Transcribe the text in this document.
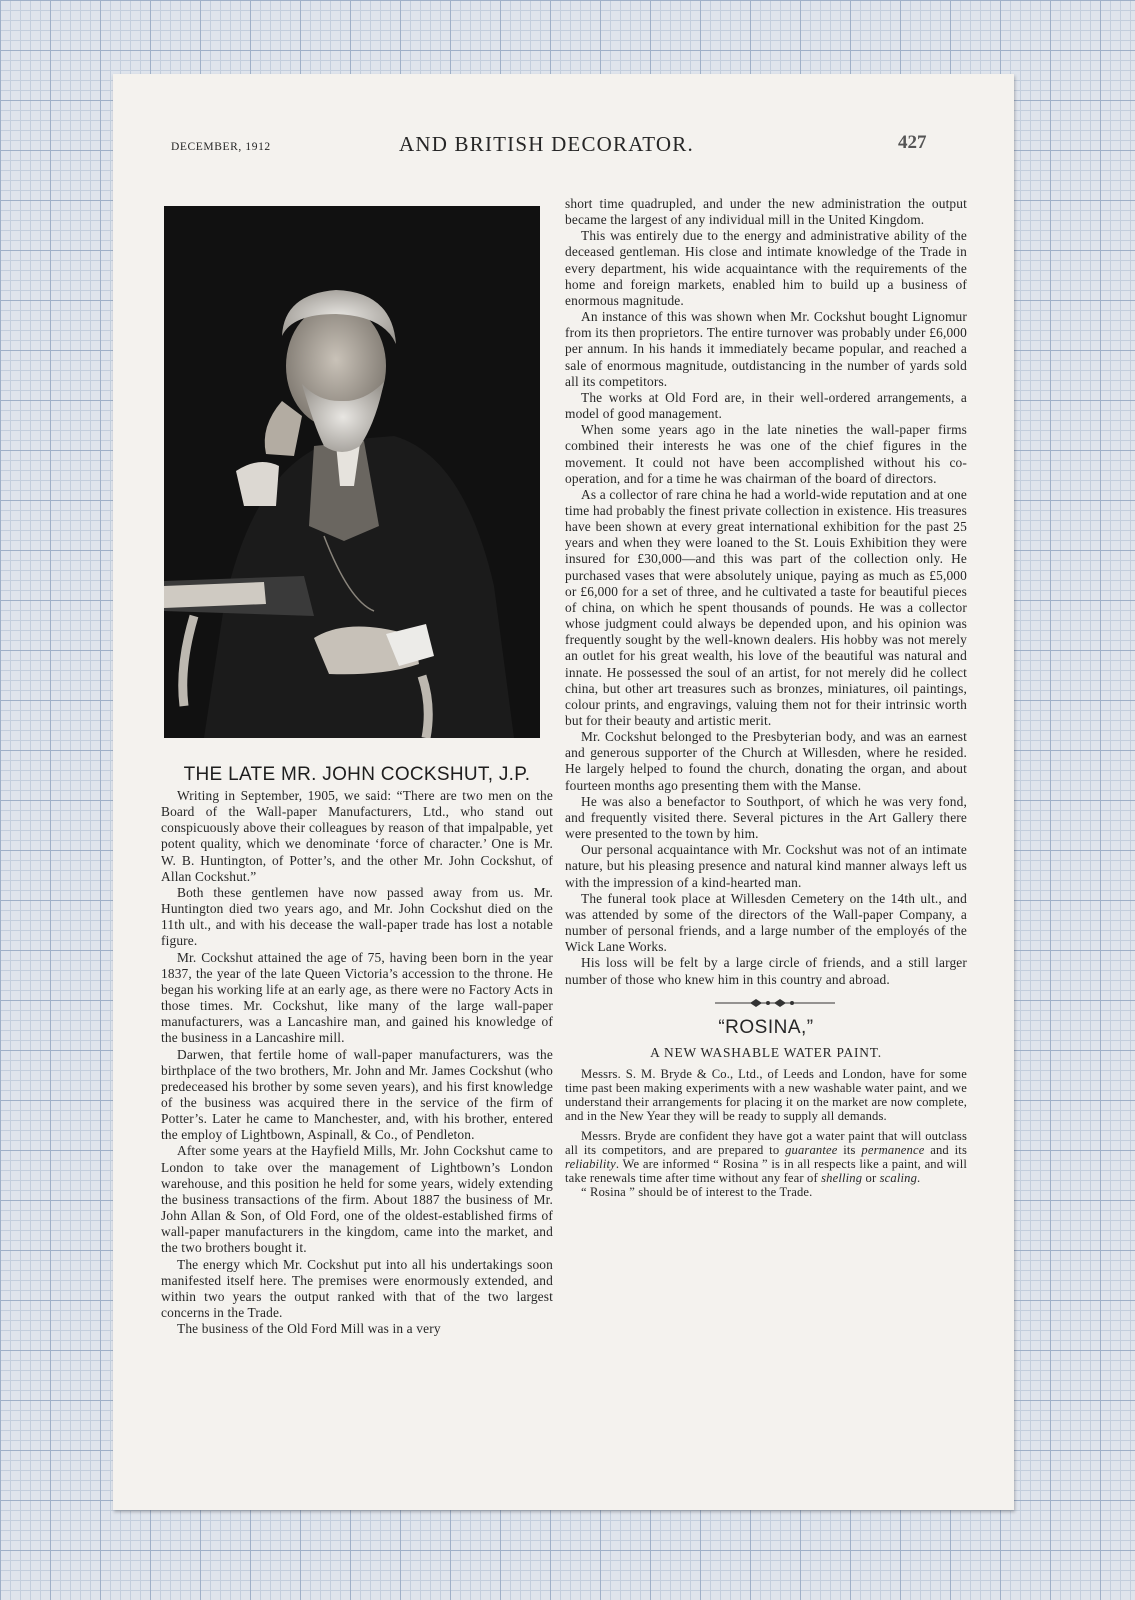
DECEMBER, 1912	AND BRITISH DECORATOR.	427
THE LATE MR. JOHN COCKSHUT, J.P.

Writing in September, 1905, we said: “There are two men on the Board of the Wall-paper Manufacturers, Ltd., who stand out conspicuously above their colleagues by reason of that impalpable, yet potent quality, which we denominate ‘force of character.’ One is Mr. W. B. Huntington, of Potter’s, and the other Mr. John Cockshut, of Allan Cockshut.”

Both these gentlemen have now passed away from us. Mr. Huntington died two years ago, and Mr. John Cockshut died on the 11th ult., and with his decease the wall-paper trade has lost a notable figure.

Mr. Cockshut attained the age of 75, having been born in the year 1837, the year of the late Queen Victoria’s accession to the throne. He began his working life at an early age, as there were no Factory Acts in those times. Mr. Cockshut, like many of the large wall-paper manufacturers, was a Lancashire man, and gained his knowledge of the business in a Lancashire mill.

Darwen, that fertile home of wall-paper manufacturers, was the birthplace of the two brothers, Mr. John and Mr. James Cockshut (who predeceased his brother by some seven years), and his first knowledge of the business was acquired there in the service of the firm of Potter’s. Later he came to Manchester, and, with his brother, entered the employ of Lightbown, Aspinall, & Co., of Pendleton.

After some years at the Hayfield Mills, Mr. John Cockshut came to London to take over the management of Lightbown’s London warehouse, and this position he held for some years, widely extending the business transactions of the firm. About 1887 the business of Mr. John Allan & Son, of Old Ford, one of the oldest-established firms of wall-paper manufacturers in the kingdom, came into the market, and the two brothers bought it.

The energy which Mr. Cockshut put into all his undertakings soon manifested itself here. The premises were enormously extended, and within two years the output ranked with that of the two largest concerns in the Trade.

The business of the Old Ford Mill was in a very

short time quadrupled, and under the new administration the output became the largest of any individual mill in the United Kingdom.

This was entirely due to the energy and administrative ability of the deceased gentleman. His close and intimate knowledge of the Trade in every department, his wide acquaintance with the requirements of the home and foreign markets, enabled him to build up a business of enormous magnitude.

An instance of this was shown when Mr. Cockshut bought Lignomur from its then proprietors. The entire turnover was probably under £6,000 per annum. In his hands it immediately became popular, and reached a sale of enormous magnitude, outdistancing in the number of yards sold all its competitors.

The works at Old Ford are, in their well-ordered arrangements, a model of good management.

When some years ago in the late nineties the wall-paper firms combined their interests he was one of the chief figures in the movement. It could not have been accomplished without his co-operation, and for a time he was chairman of the board of directors.

As a collector of rare china he had a world-wide reputation and at one time had probably the finest private collection in existence. His treasures have been shown at every great international exhibition for the past 25 years and when they were loaned to the St. Louis Exhibition they were insured for £30,000—and this was part of the collection only. He purchased vases that were absolutely unique, paying as much as £5,000 or £6,000 for a set of three, and he cultivated a taste for beautiful pieces of china, on which he spent thousands of pounds. He was a collector whose judgment could always be depended upon, and his opinion was frequently sought by the well-known dealers. His hobby was not merely an outlet for his great wealth, his love of the beautiful was natural and innate. He possessed the soul of an artist, for not merely did he collect china, but other art treasures such as bronzes, miniatures, oil paintings, colour prints, and engravings, valuing them not for their intrinsic worth but for their beauty and artistic merit.

Mr. Cockshut belonged to the Presbyterian body, and was an earnest and generous supporter of the Church at Willesden, where he resided. He largely helped to found the church, donating the organ, and about fourteen months ago presenting them with the Manse.

He was also a benefactor to Southport, of which he was very fond, and frequently visited there. Several pictures in the Art Gallery there were presented to the town by him.

Our personal acquaintance with Mr. Cockshut was not of an intimate nature, but his pleasing presence and natural kind manner always left us with the impression of a kind-hearted man.

The funeral took place at Willesden Cemetery on the 14th ult., and was attended by some of the directors of the Wall-paper Company, a number of personal friends, and a large number of the employés of the Wick Lane Works.

His loss will be felt by a large circle of friends, and a still larger number of those who knew him in this country and abroad.

“ROSINA,”
A NEW WASHABLE WATER PAINT.

Messrs. S. M. Bryde & Co., Ltd., of Leeds and London, have for some time past been making experiments with a new washable water paint, and we understand their arrangements for placing it on the market are now complete, and in the New Year they will be ready to supply all demands.

Messrs. Bryde are confident they have got a water paint that will outclass all its competitors, and are prepared to guarantee its permanence and its reliability. We are informed “ Rosina ” is in all respects like a paint, and will take renewals time after time without any fear of shelling or scaling.

“ Rosina ” should be of interest to the Trade.
